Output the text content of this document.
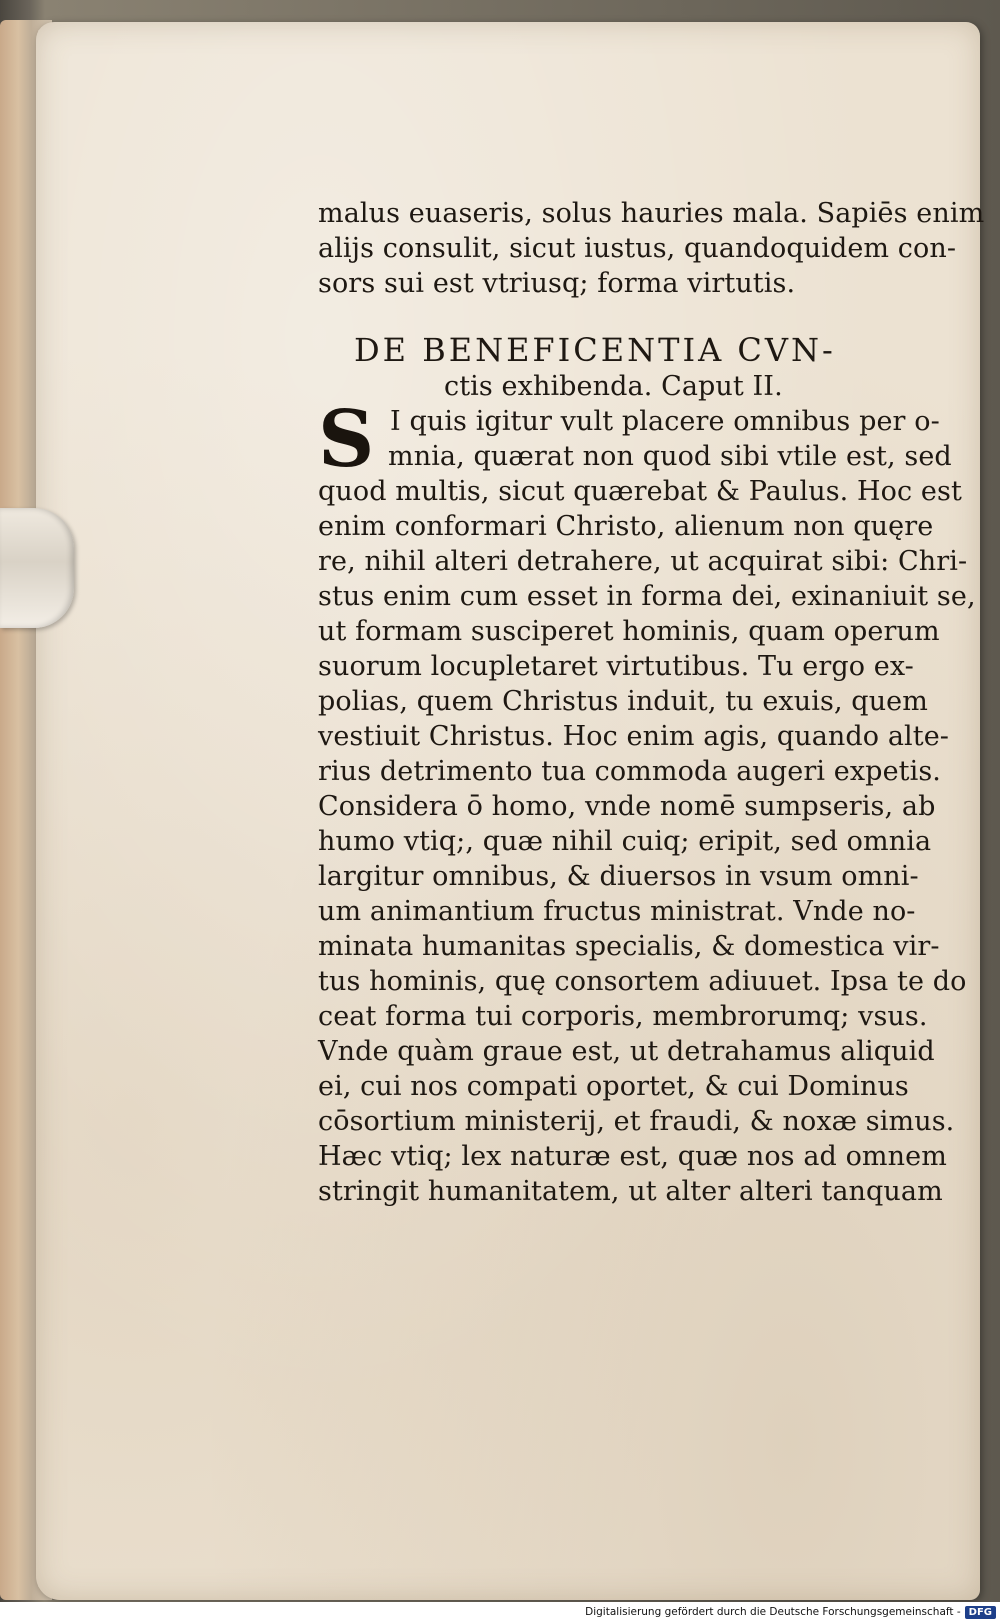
malus euaseris, solus hauries mala. Sapiēs enim
alijs consulit, sicut iustus, quandoquidem con-
sors sui est vtriusq; forma virtutis.
DE BENEFICENTIA CVN-
ctis exhibenda. Caput II.
S I quis igitur vult placere omnibus per o-
mnia, quærat non quod sibi vtile est, sed
quod multis, sicut quærebat & Paulus. Hoc est
enim conformari Christo, alienum non quęre
re, nihil alteri detrahere, ut acquirat sibi: Chri-
stus enim cum esset in forma dei, exinaniuit se,
ut formam susciperet hominis, quam operum
suorum locupletaret virtutibus. Tu ergo ex-
polias, quem Christus induit, tu exuis, quem
vestiuit Christus. Hoc enim agis, quando alte-
rius detrimento tua commoda augeri expetis.
Considera ō homo, vnde nomē sumpseris, ab
humo vtiq;, quæ nihil cuiq; eripit, sed omnia
largitur omnibus, & diuersos in vsum omni-
um animantium fructus ministrat. Vnde no-
minata humanitas specialis, & domestica vir-
tus hominis, quę consortem adiuuet. Ipsa te do
ceat forma tui corporis, membrorumq; vsus.
Vnde quàm graue est, ut detrahamus aliquid
ei, cui nos compati oportet, & cui Dominus
cōsortium ministerij, et fraudi, & noxæ simus.
Hæc vtiq; lex naturæ est, quæ nos ad omnem
stringit humanitatem, ut alter alteri tanquam
Digitalisierung gefördert durch die Deutsche Forschungsgemeinschaft - DFG
